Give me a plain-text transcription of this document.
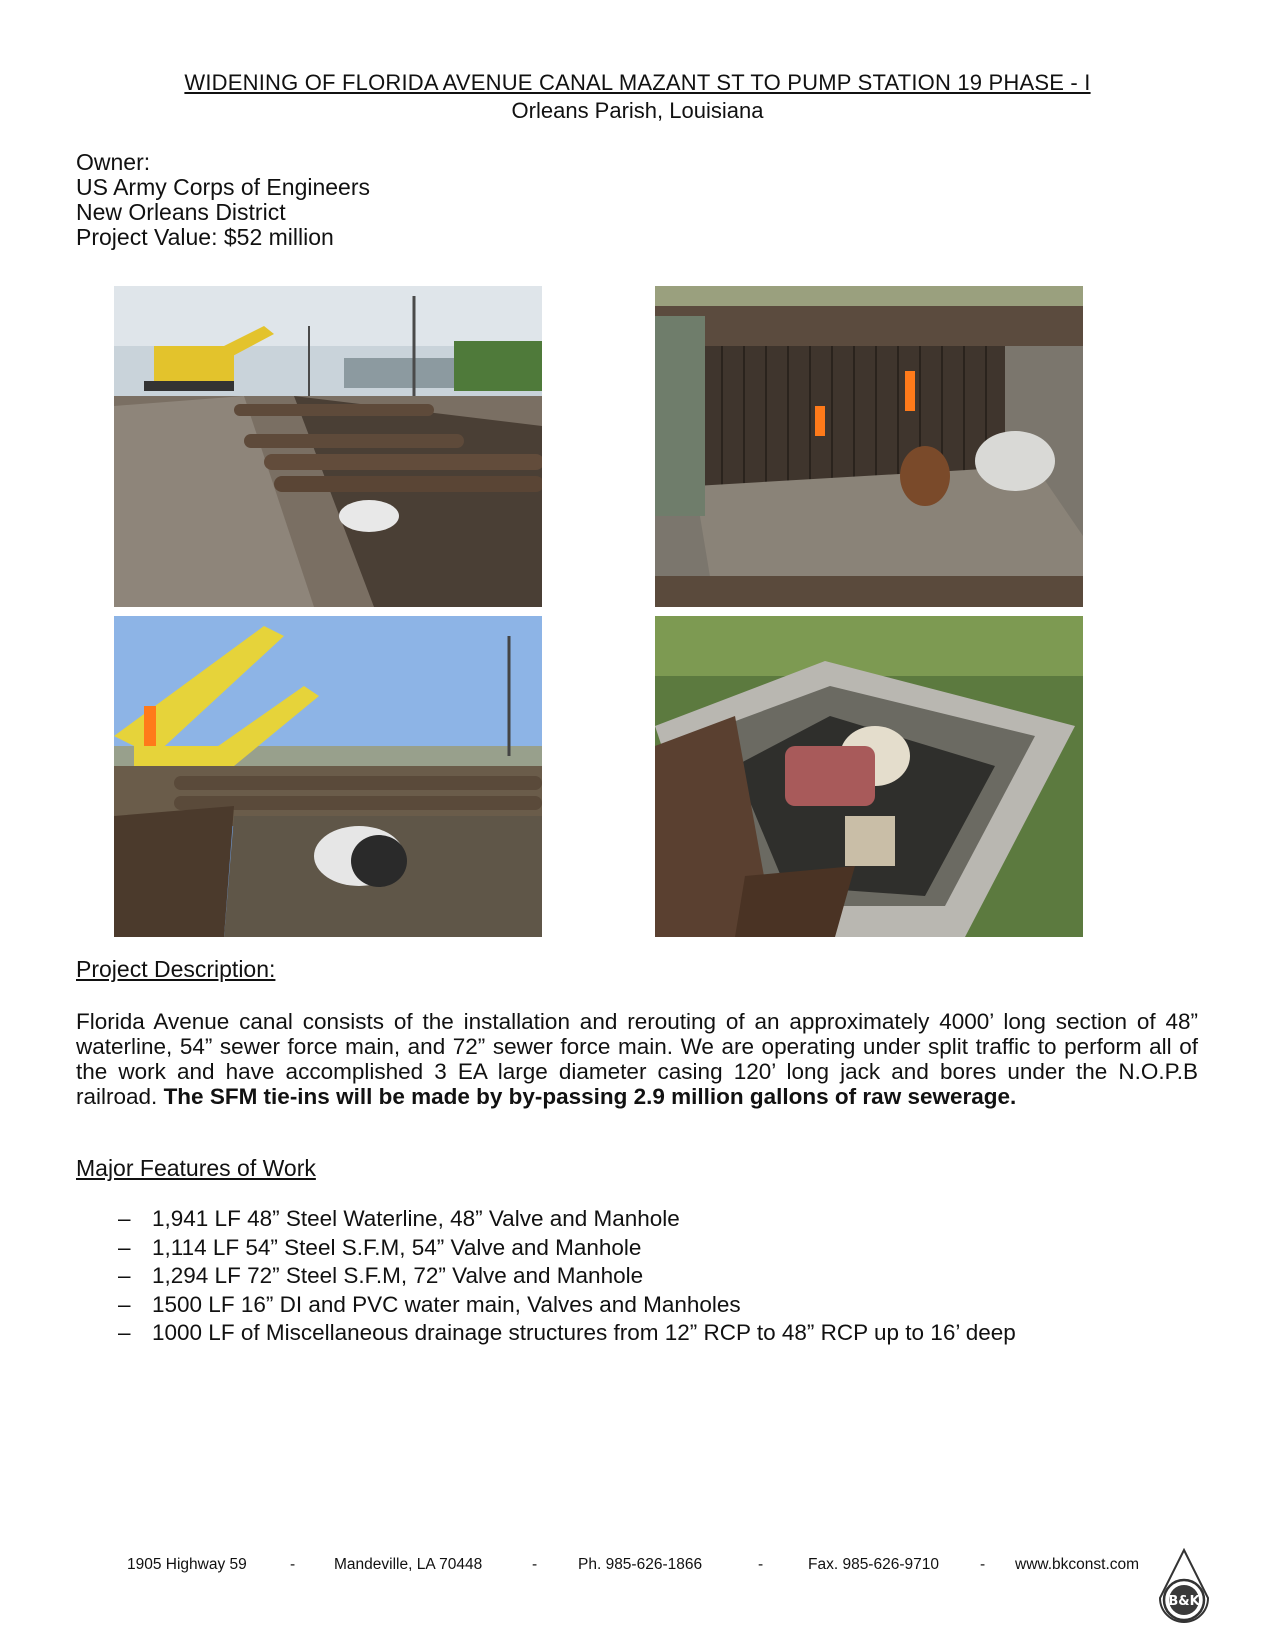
WIDENING OF FLORIDA AVENUE CANAL MAZANT ST TO PUMP STATION 19 PHASE - I
Orleans Parish, Louisiana
Owner:
US Army Corps of Engineers
New Orleans District
Project Value: $52 million
Project Description:
Florida Avenue canal consists of the installation and rerouting of an approximately 4000’ long section of 48” waterline, 54” sewer force main, and 72” sewer force main. We are operating under split traffic to perform all of the work and have accomplished 3 EA large diameter casing 120’ long jack and bores under the N.O.P.B railroad. The SFM tie-ins will be made by by-passing 2.9 million gallons of raw sewerage.
Major Features of Work
– 1,941 LF 48” Steel Waterline, 48” Valve and Manhole
– 1,114 LF 54” Steel S.F.M, 54” Valve and Manhole
– 1,294 LF 72” Steel S.F.M, 72” Valve and Manhole
– 1500 LF 16” DI and PVC water main, Valves and Manholes
– 1000 LF of Miscellaneous drainage structures from 12” RCP to 48” RCP up to 16’ deep
1905 Highway 59	-	Mandeville, LA 70448	-	Ph. 985-626-1866	-	Fax. 985-626-9710	- www.bkconst.com
B&K
